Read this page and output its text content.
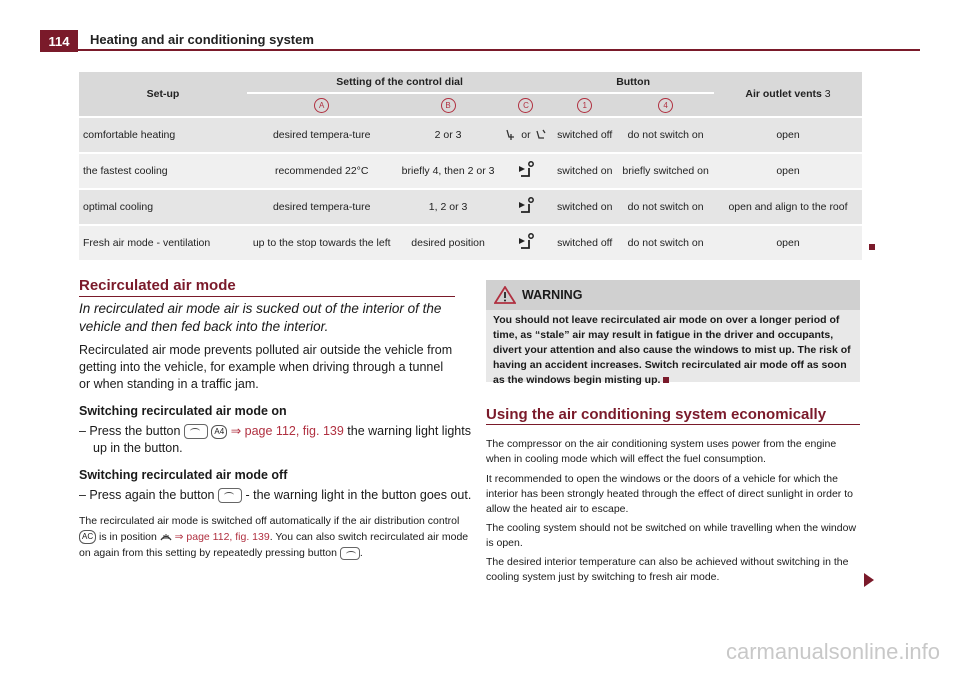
114	Heating and air conditioning system
Set-up	Setting of the control dial			Button		Air outlet vents 3
	A	B	C	1	4	
comfortable heating	desired tempera-ture	2 or 3	or	switched off	do not switch on	open
the fastest cooling	recommended 22°C	briefly 4, then 2 or 3		switched on	briefly switched on	open
optimal cooling	desired tempera-ture	1, 2 or 3		switched on	do not switch on	open and align to the roof
Fresh air mode - ventilation	up to the stop towards the left	desired position		switched off	do not switch on	open
Recirculated air mode
In recirculated air mode air is sucked out of the interior of the vehicle and then fed back into the interior.
Recirculated air mode prevents polluted air outside the vehicle from getting into the vehicle, for example when driving through a tunnel or when standing in a traffic jam.
Switching recirculated air mode on
– Press the button	A4 ⇒ page 112, fig. 139 the warning light lights
up in the button.
Switching recirculated air mode off
– Press again the button - the warning light in the button goes out.
The recirculated air mode is switched off automatically if the air distribution control
AC is in position ⇒ page 112, fig. 139. You can also switch recirculated air mode
on again from this setting by repeatedly pressing button .
WARNING
You should not leave recirculated air mode on over a longer period of time, as “stale” air may result in fatigue in the driver and occupants, divert your attention and also cause the windows to mist up. The risk of having an accident increases. Switch recirculated air mode off as soon as the windows begin misting up.
Using the air conditioning system economically
The compressor on the air conditioning system uses power from the engine when in cooling mode which will effect the fuel consumption.
It recommended to open the windows or the doors of a vehicle for which the interior has been strongly heated through the effect of direct sunlight in order to allow the heated air to escape.
The cooling system should not be switched on while travelling when the window is open.
The desired interior temperature can also be achieved without switching in the cooling system just by switching to fresh air mode.
carmanualsonline.info
